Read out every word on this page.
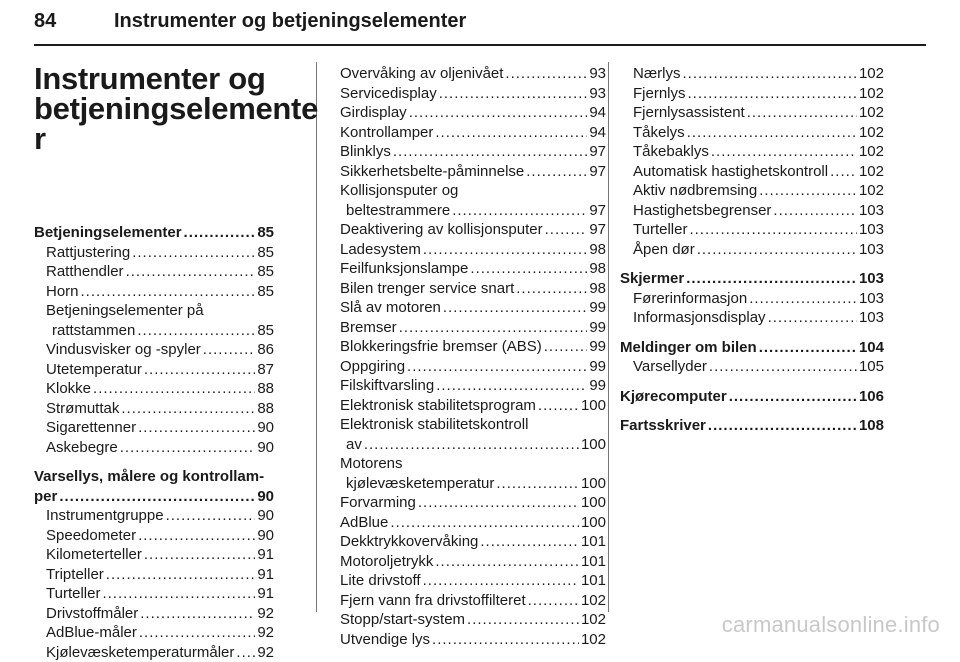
84	Instrumenter og betjeningselementer
Instrumenter og
betjeningselemente
r
Betjeningselementer .....	85
Rattjustering .....	85
Ratthendler .....	85
Horn .....	85
Betjeningselementer på
rattstammen .....	85
Vindusvisker og -spyler .....	86
Utetemperatur .....	87
Klokke .....	88
Strømuttak .....	88
Sigarettenner .....	90
Askebegre .....	90
Varsellys, målere og kontrollam-
per .....	90
Instrumentgruppe .....	90
Speedometer .....	90
Kilometerteller .....	91
Tripteller .....	91
Turteller .....	91
Drivstoffmåler .....	92
AdBlue-måler .....	92
Kjølevæsketemperaturmåler ..... 92
Overvåking av oljenivået .....	93
Servicedisplay .....	93
Girdisplay .....	94
Kontrollamper .....	94
Blinklys .....	97
Sikkerhetsbelte-påminnelse .....	97
Kollisjonsputer og
beltestrammere .....	97
Deaktivering av kollisjonsputer .....	97
Ladesystem .....	98
Feilfunksjonslampe .....	98
Bilen trenger service snart .....	98
Slå av motoren .....	99
Bremser .....	99
Blokkeringsfrie bremser (ABS) .....	99
Oppgiring .....	99
Filskiftvarsling .....	99
Elektronisk stabilitetsprogram .....	100
Elektronisk stabilitetskontroll
av .....	100
Motorens
kjølevæsketemperatur .....	100
Forvarming .....	100
AdBlue .....	100
Dekktrykkovervåking .....	101
Motoroljetrykk .....	101
Lite drivstoff .....	101
Fjern vann fra drivstoffilteret .....	102
Stopp/start-system .....	102
Utvendige lys .....	102
Nærlys .....	102
Fjernlys .....	102
Fjernlysassistent .....	102
Tåkelys .....	102
Tåkebaklys .....	102
Automatisk hastighetskontroll ..... 102
Aktiv nødbremsing .....	102
Hastighetsbegrenser .....	103
Turteller .....	103
Åpen dør .....	103
Skjermer .....	103
Førerinformasjon .....	103
Informasjonsdisplay .....	103
Meldinger om bilen .....	104
Varsellyder .....	105
Kjørecomputer .....	106
Fartsskriver .....	108
carmanualsonline.info
